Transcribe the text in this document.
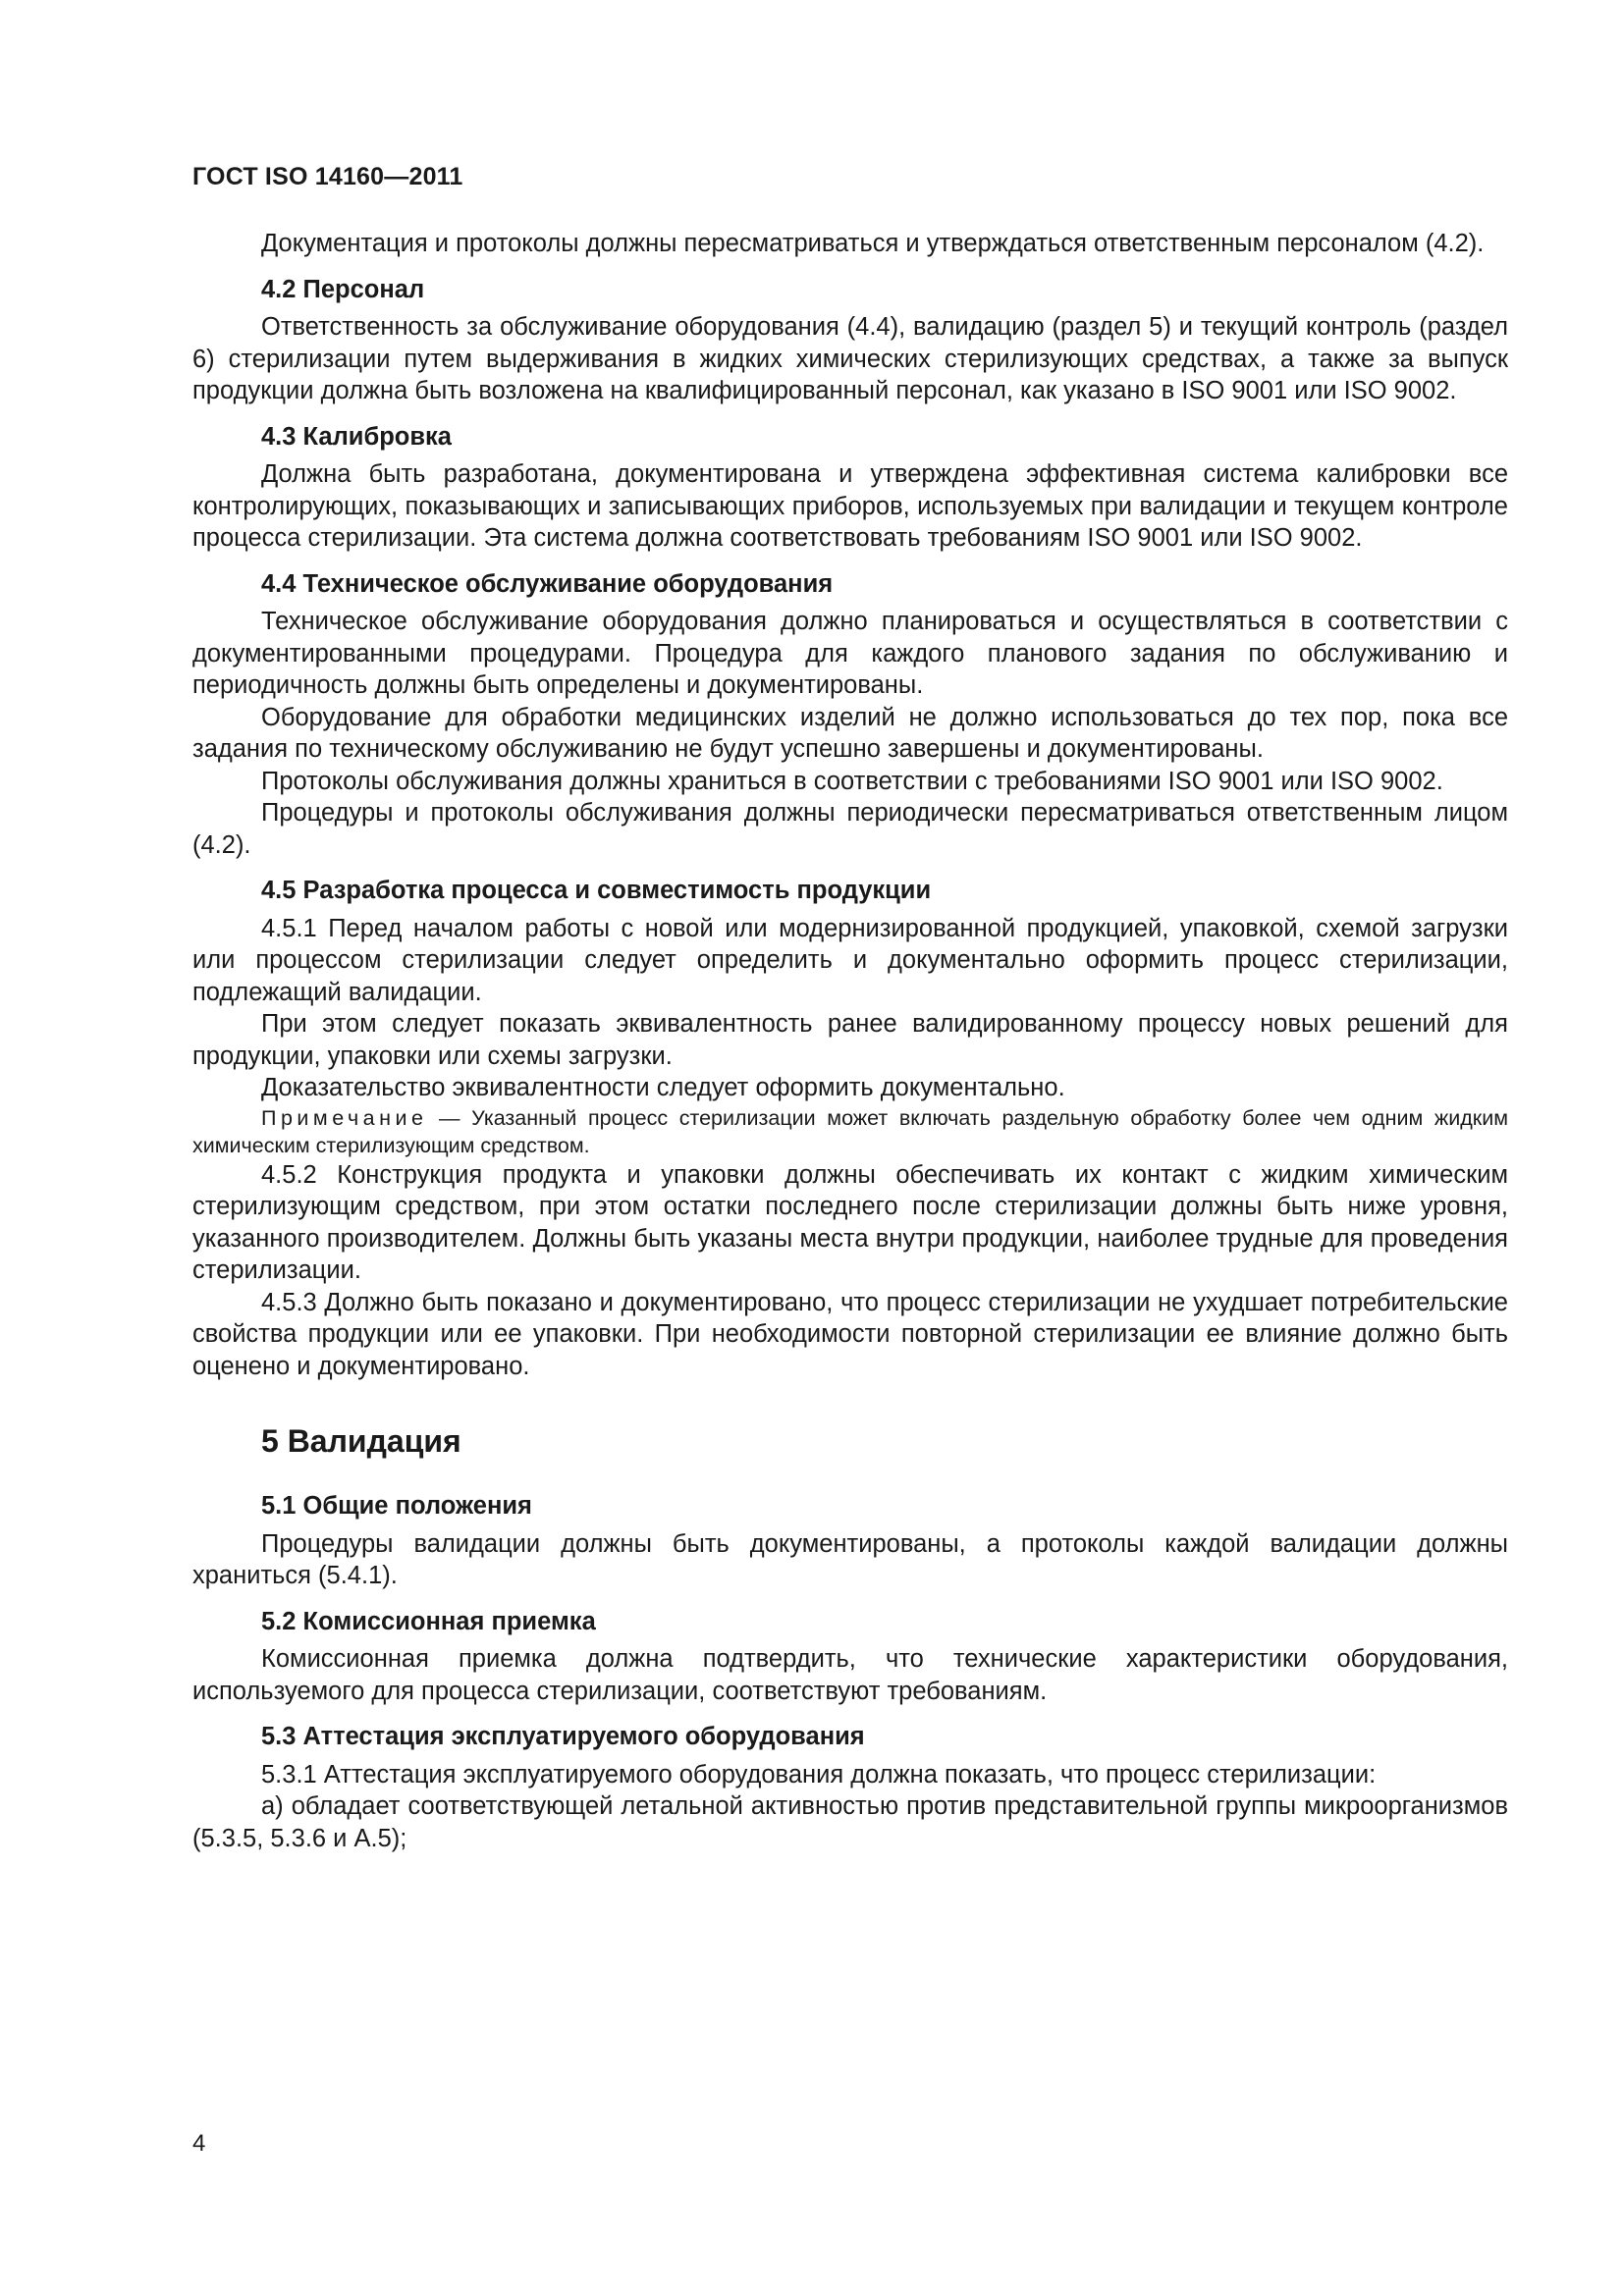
ГОСТ ISO 14160—2011

Документация и протоколы должны пересматриваться и утверждаться ответственным персоналом (4.2).

4.2 Персонал

Ответственность за обслуживание оборудования (4.4), валидацию (раздел 5) и текущий контроль (раздел 6) стерилизации путем выдерживания в жидких химических стерилизующих средствах, а также за выпуск продукции должна быть возложена на квалифицированный персонал, как указано в ISO 9001 или ISO 9002.

4.3 Калибровка

Должна быть разработана, документирована и утверждена эффективная система калибровки все контролирующих, показывающих и записывающих приборов, используемых при валидации и текущем контроле процесса стерилизации. Эта система должна соответствовать требованиям ISO 9001 или ISO 9002.

4.4 Техническое обслуживание оборудования

Техническое обслуживание оборудования должно планироваться и осуществляться в соответствии с документированными процедурами. Процедура для каждого планового задания по обслуживанию и периодичность должны быть определены и документированы.

Оборудование для обработки медицинских изделий не должно использоваться до тех пор, пока все задания по техническому обслуживанию не будут успешно завершены и документированы.

Протоколы обслуживания должны храниться в соответствии с требованиями ISO 9001 или ISO 9002.

Процедуры и протоколы обслуживания должны периодически пересматриваться ответственным лицом (4.2).

4.5 Разработка процесса и совместимость продукции

4.5.1 Перед началом работы с новой или модернизированной продукцией, упаковкой, схемой загрузки или процессом стерилизации следует определить и документально оформить процесс стерилизации, подлежащий валидации.

При этом следует показать эквивалентность ранее валидированному процессу новых решений для продукции, упаковки или схемы загрузки.

Доказательство эквивалентности следует оформить документально.

Примечание — Указанный процесс стерилизации может включать раздельную обработку более чем одним жидким химическим стерилизующим средством.

4.5.2 Конструкция продукта и упаковки должны обеспечивать их контакт с жидким химическим стерилизующим средством, при этом остатки последнего после стерилизации должны быть ниже уровня, указанного производителем. Должны быть указаны места внутри продукции, наиболее трудные для проведения стерилизации.

4.5.3 Должно быть показано и документировано, что процесс стерилизации не ухудшает потребительские свойства продукции или ее упаковки. При необходимости повторной стерилизации ее влияние должно быть оценено и документировано.

5 Валидация
5.1 Общие положения

Процедуры валидации должны быть документированы, а протоколы каждой валидации должны храниться (5.4.1).

5.2 Комиссионная приемка

Комиссионная приемка должна подтвердить, что технические характеристики оборудования, используемого для процесса стерилизации, соответствуют требованиям.

5.3 Аттестация эксплуатируемого оборудования

5.3.1 Аттестация эксплуатируемого оборудования должна показать, что процесс стерилизации:

а) обладает соответствующей летальной активностью против представительной группы микроорганизмов (5.3.5, 5.3.6 и А.5);

4
